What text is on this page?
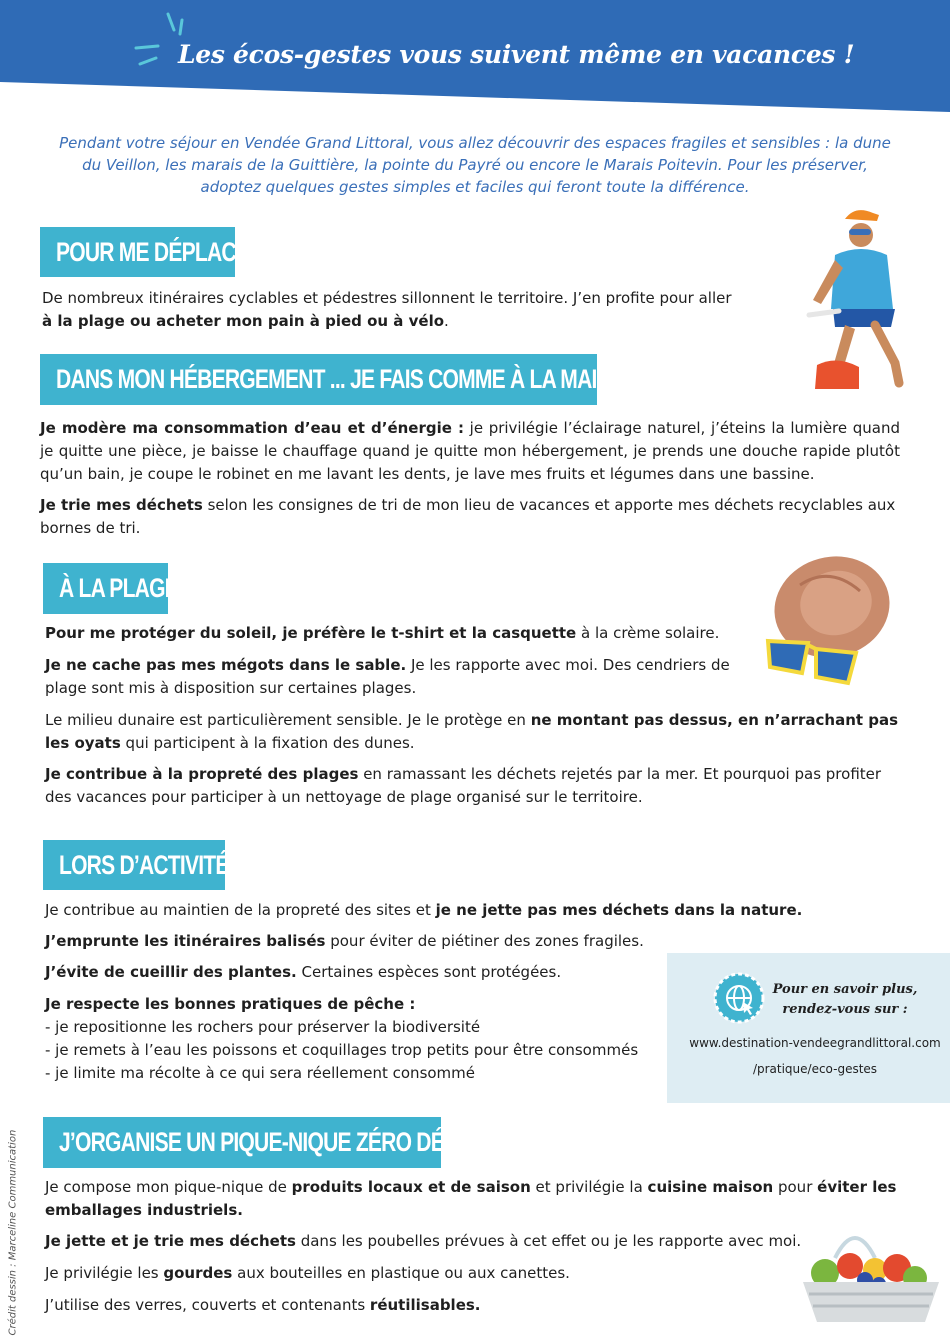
Les écos-gestes vous suivent même en vacances !
Pendant votre séjour en Vendée Grand Littoral, vous allez découvrir des espaces fragiles et sensibles : la dune du Veillon, les marais de la Guittière, la pointe du Payré ou encore le Marais Poitevin. Pour les préserver, adoptez quelques gestes simples et faciles qui feront toute la différence.
POUR ME DÉPLACER
De nombreux itinéraires cyclables et pédestres sillonnent le territoire. J’en profite pour aller
à la plage ou acheter mon pain à pied ou à vélo.
DANS MON HÉBERGEMENT ... JE FAIS COMME À LA MAISON !
Je modère ma consommation d’eau et d’énergie : je privilégie l’éclairage naturel, j’éteins la lumière quand je quitte une pièce, je baisse le chauffage quand je quitte mon hébergement, je prends une douche rapide plutôt qu’un bain, je coupe le robinet en me lavant les dents, je lave mes fruits et légumes dans une bassine.
Je trie mes déchets selon les consignes de tri de mon lieu de vacances et apporte mes déchets recyclables aux bornes de tri.
À LA PLAGE
Pour me protéger du soleil, je préfère le t-shirt et la casquette à la crème solaire.
Je ne cache pas mes mégots dans le sable. Je les rapporte avec moi. Des cendriers de plage sont mis à disposition sur certaines plages.
Le milieu dunaire est particulièrement sensible. Je le protège en ne montant pas dessus, en n’arrachant pas les oyats qui participent à la fixation des dunes.
Je contribue à la propreté des plages en ramassant les déchets rejetés par la mer. Et pourquoi pas profiter des vacances pour participer à un nettoyage de plage organisé sur le territoire.
LORS D’ACTIVITÉS
Je contribue au maintien de la propreté des sites et je ne jette pas mes déchets dans la nature.
J’emprunte les itinéraires balisés pour éviter de piétiner des zones fragiles.
J’évite de cueillir des plantes. Certaines espèces sont protégées.
Je respecte les bonnes pratiques de pêche :
- je repositionne les rochers pour préserver la biodiversité
- je remets à l’eau les poissons et coquillages trop petits pour être consommés
- je limite ma récolte à ce qui sera réellement consommé
Pour en savoir plus,
rendez-vous sur :
www.destination-vendeegrandlittoral.com
/pratique/eco-gestes
J’ORGANISE UN PIQUE-NIQUE ZÉRO DÉCHET
Je compose mon pique-nique de produits locaux et de saison et privilégie la cuisine maison pour éviter les emballages industriels.
Je jette et je trie mes déchets dans les poubelles prévues à cet effet ou je les rapporte avec moi.
Je privilégie les gourdes aux bouteilles en plastique ou aux canettes.
J’utilise des verres, couverts et contenants réutilisables.
Crédit dessin : Marceline Communication
